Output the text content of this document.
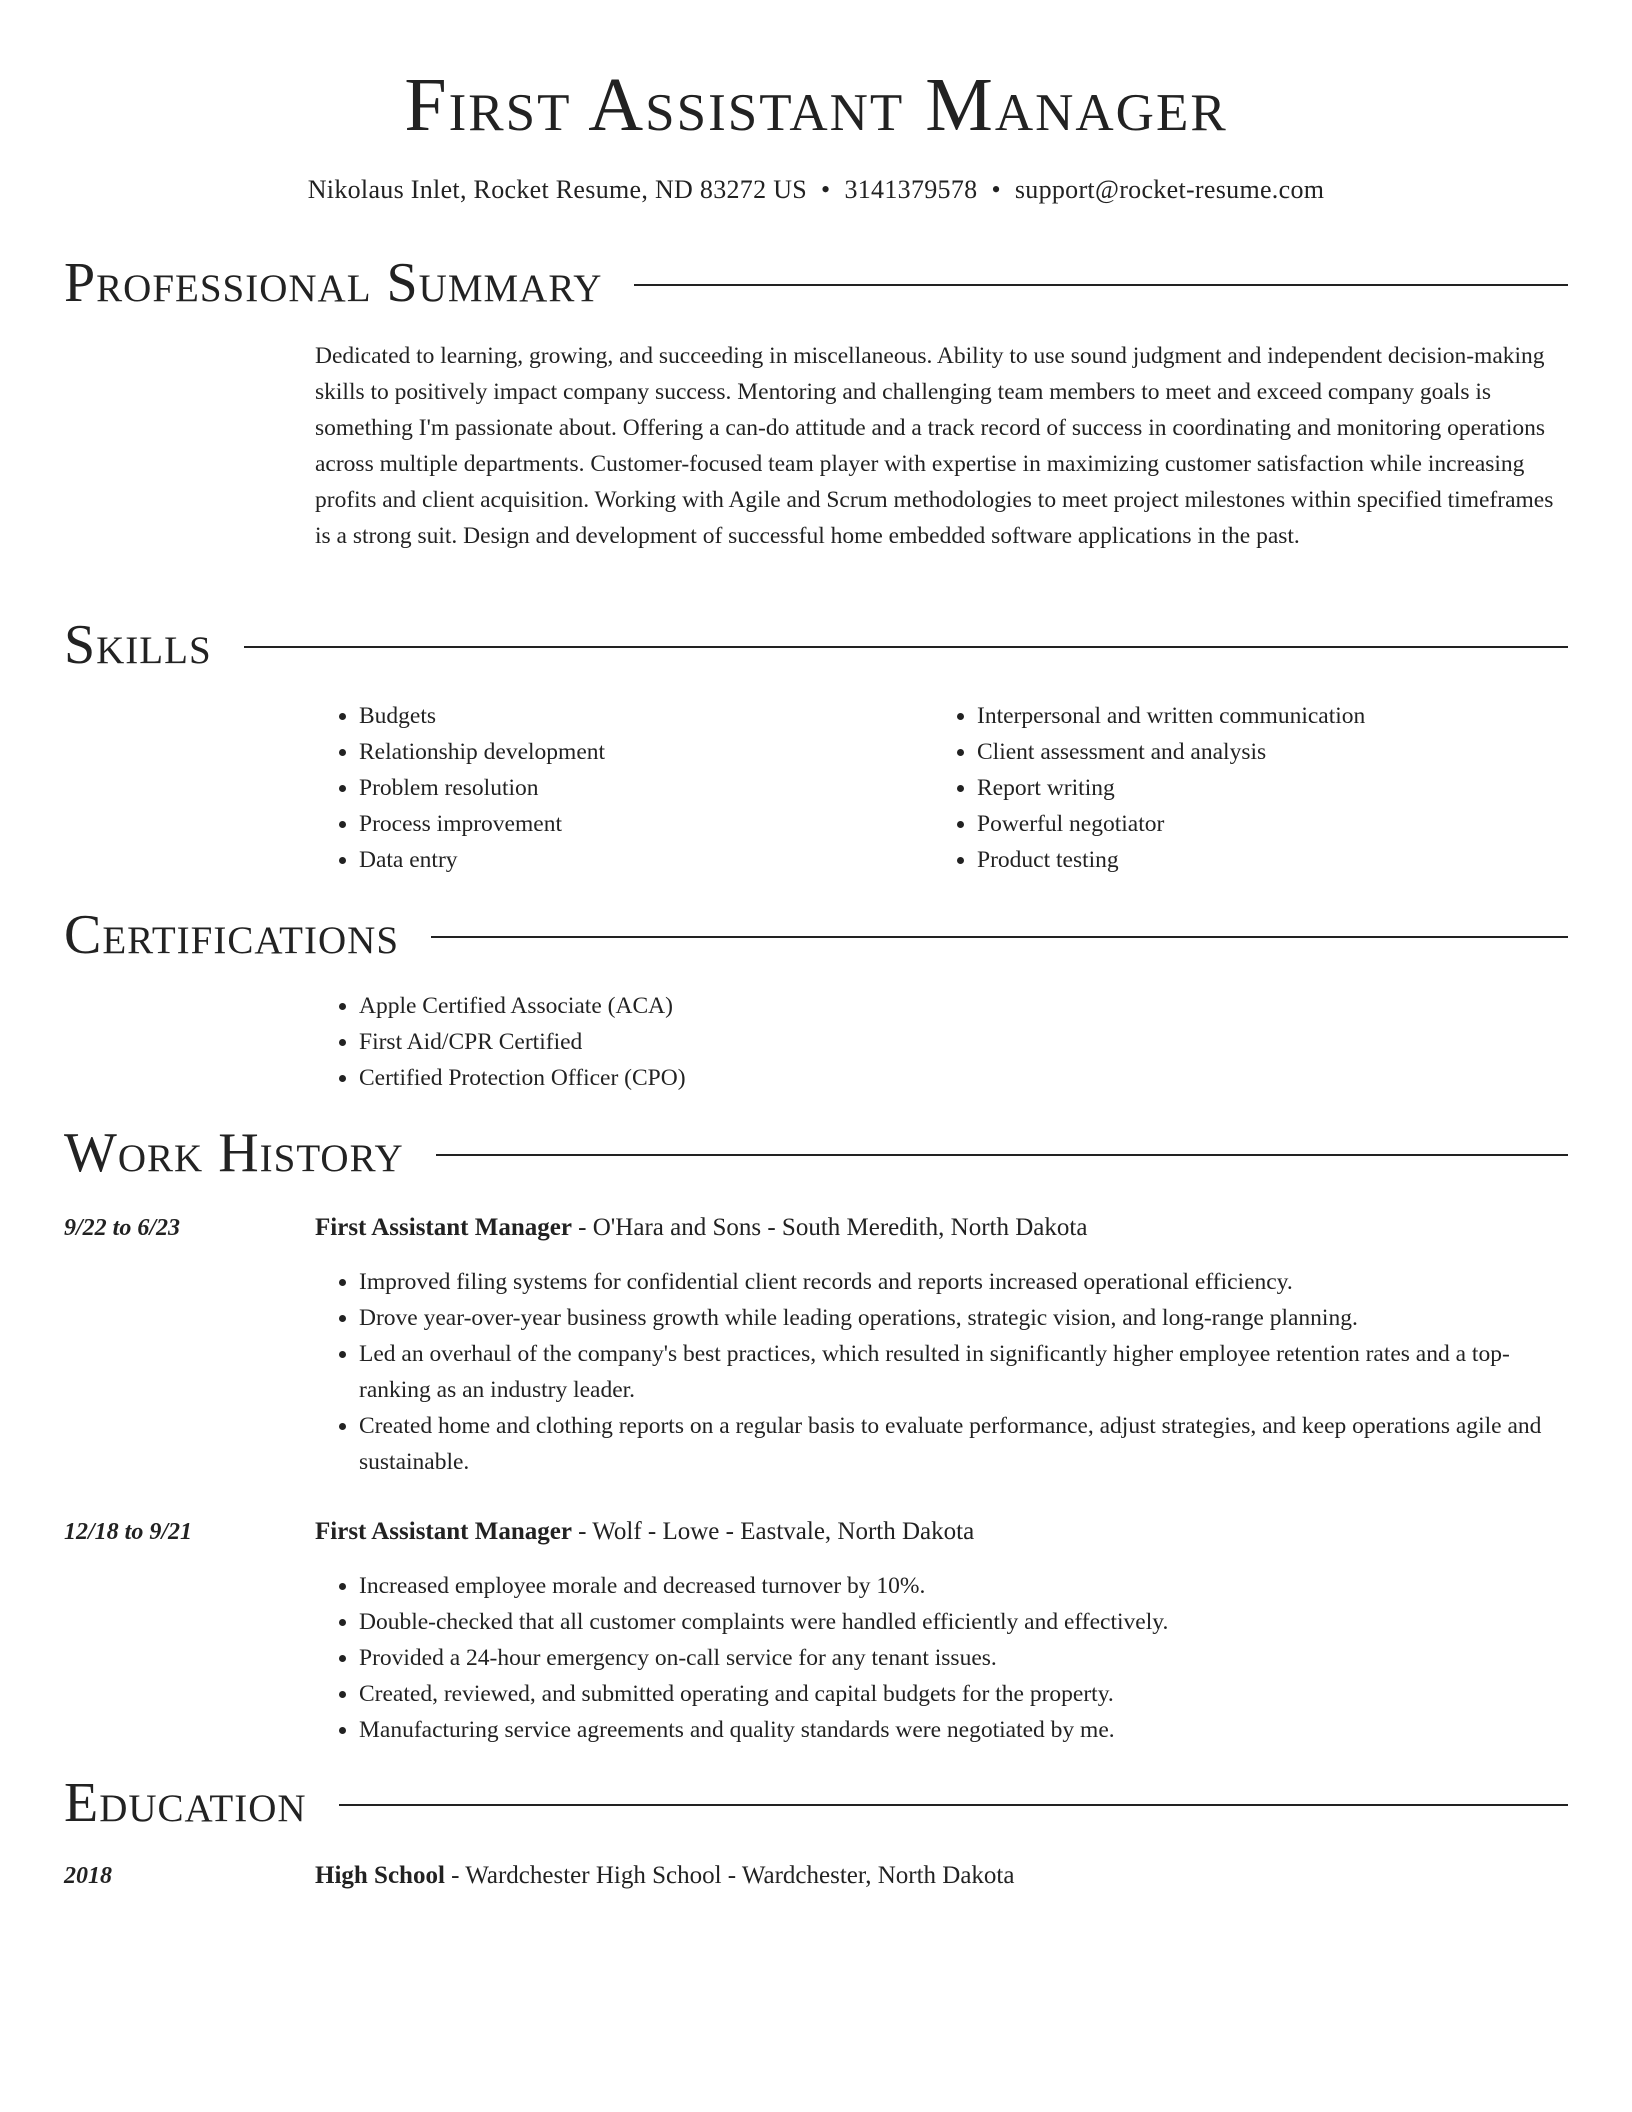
First Assistant Manager
Nikolaus Inlet, Rocket Resume, ND 83272 US • 3141379578 • support@rocket-resume.com
Professional Summary

Dedicated to learning, growing, and succeeding in miscellaneous. Ability to use sound judgment and independent decision-making skills to positively impact company success. Mentoring and challenging team members to meet and exceed company goals is something I'm passionate about. Offering a can-do attitude and a track record of success in coordinating and monitoring operations across multiple departments. Customer-focused team player with expertise in maximizing customer satisfaction while increasing profits and client acquisition. Working with Agile and Scrum methodologies to meet project milestones within specified timeframes is a strong suit. Design and development of successful home embedded software applications in the past.

Skills
• Budgets
• Relationship development
• Problem resolution
• Process improvement
• Data entry
• Interpersonal and written communication
• Client assessment and analysis
• Report writing
• Powerful negotiator
• Product testing
Certifications
• Apple Certified Associate (ACA)
• First Aid/CPR Certified
• Certified Protection Officer (CPO)
Work History
9/22 to 6/23	First Assistant Manager - O'Hara and Sons - South Meredith, North Dakota
• Improved filing systems for confidential client records and reports increased operational efficiency.
• Drove year-over-year business growth while leading operations, strategic vision, and long-range planning.
• Led an overhaul of the company's best practices, which resulted in significantly higher employee retention rates and a top-ranking as an industry leader.
• Created home and clothing reports on a regular basis to evaluate performance, adjust strategies, and keep operations agile and sustainable.
12/18 to 9/21	First Assistant Manager - Wolf - Lowe - Eastvale, North Dakota
• Increased employee morale and decreased turnover by 10%.
• Double-checked that all customer complaints were handled efficiently and effectively.
• Provided a 24-hour emergency on-call service for any tenant issues.
• Created, reviewed, and submitted operating and capital budgets for the property.
• Manufacturing service agreements and quality standards were negotiated by me.
Education
2018	High School - Wardchester High School - Wardchester, North Dakota
